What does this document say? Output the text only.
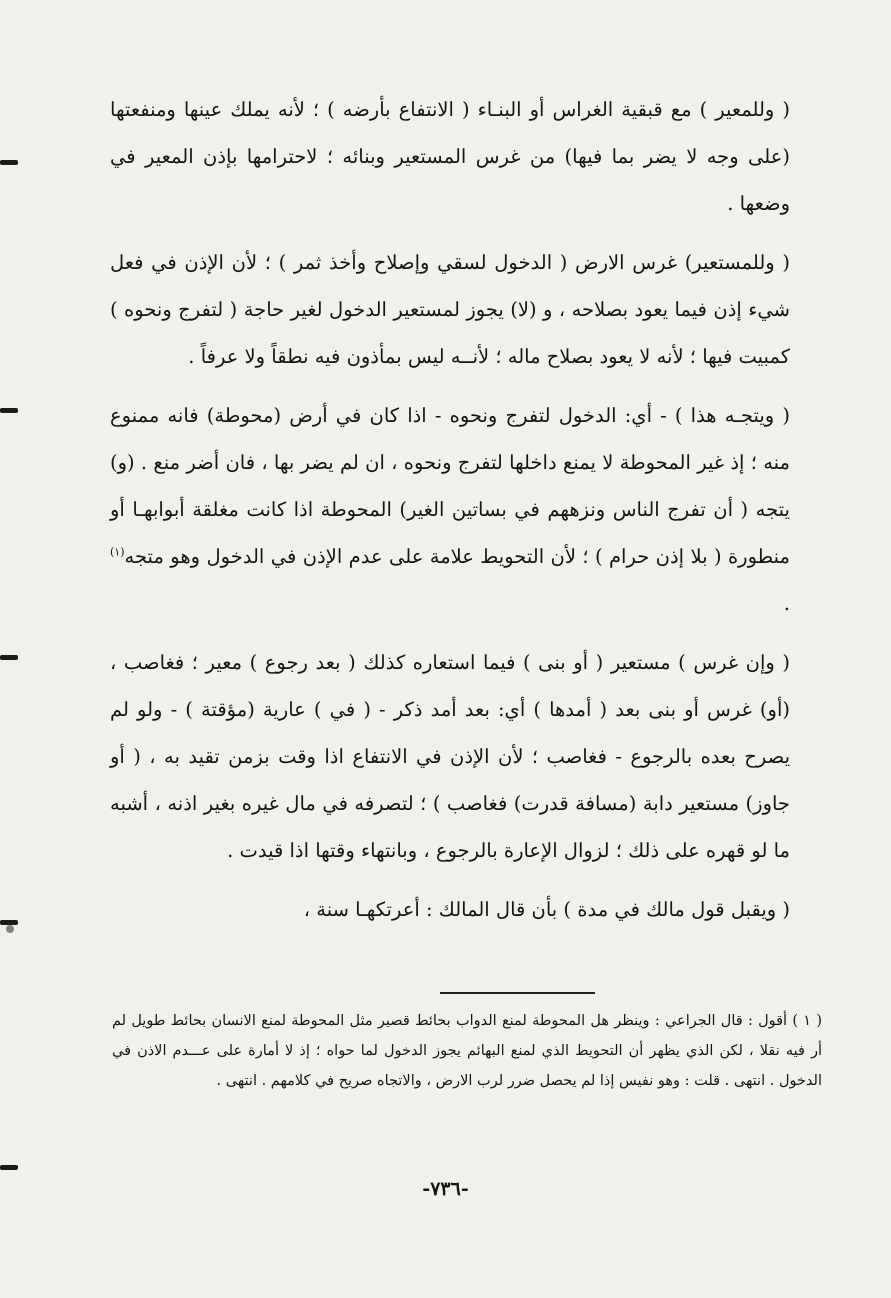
( وللمعير ) مع قبقية الغراس أو البنـاء ( الانتفاع بأرضه ) ؛ لأنه يملك عينها ومنفعتها (على وجه لا يضر بما فيها) من غرس المستعير وبنائه ؛ لاحترامها بإذن المعير في وضعها .

( وللمستعير) غرس الارض ( الدخول لسقي وإصلاح وأخذ ثمر ) ؛ لأن الإذن في فعل شيء إذن فيما يعود بصلاحه ، و (لا) يجوز لمستعير الدخول لغير حاجة ( لتفرج ونحوه ) كمبيت فيها ؛ لأنه لا يعود بصلاح ماله ؛ لأنــه ليس بمأذون فيه نطقاً ولا عرفاً .

( ويتجـه هذا ) - أي: الدخول لتفرج ونحوه - اذا كان في أرض (محوطة) فانه ممنوع منه ؛ إذ غير المحوطة لا يمنع داخلها لتفرج ونحوه ، ان لم يضر بها ، فان أضر منع . (و) يتجه ( أن تفرج الناس ونزههم في بساتين الغير) المحوطة اذا كانت مغلقة أبوابهـا أو منطورة ( بلا إذن حرام ) ؛ لأن التحويط علامة على عدم الإذن في الدخول وهو متجه$^{(١)}$ .

( وإن غرس ) مستعير ( أو بنى ) فيما استعاره كذلك ( بعد رجوع ) معير ؛ فغاصب ، (أو) غرس أو بنى بعد ( أمدها ) أي: بعد أمد ذكر - ( في ) عارية (مؤقتة ) - ولو لم يصرح بعده بالرجوع - فغاصب ؛ لأن الإذن في الانتفاع اذا وقت بزمن تقيد به ، ( أو جاوز) مستعير دابة (مسافة قدرت) فغاصب ) ؛ لتصرفه في مال غيره بغير اذنه ، أشبه ما لو قهره على ذلك ؛ لزوال الإعارة بالرجوع ، وبانتهاء وقتها اذا قيدت .

( ويقبل قول مالك في مدة ) بأن قال المالك : أعرتكهـا سنة ،

( ١ ) أقول : قال الجراعي : وينظر هل المحوطة لمنع الدواب بحائط قصير مثل المحوطة لمنع الانسان بحائط طويل لم أر فيه نقلا ، لكن الذي يظهر أن التحويط الذي لمنع البهائم يجوز الدخول لما حواه ؛ إذ لا أمارة على عـــدم الاذن في الدخول . انتهى . قلت : وهو نفيس إذا لم يحصل ضرر لرب الارض ، والاتجاه صريح في كلامهم . انتهى .
-٧٣٦-
